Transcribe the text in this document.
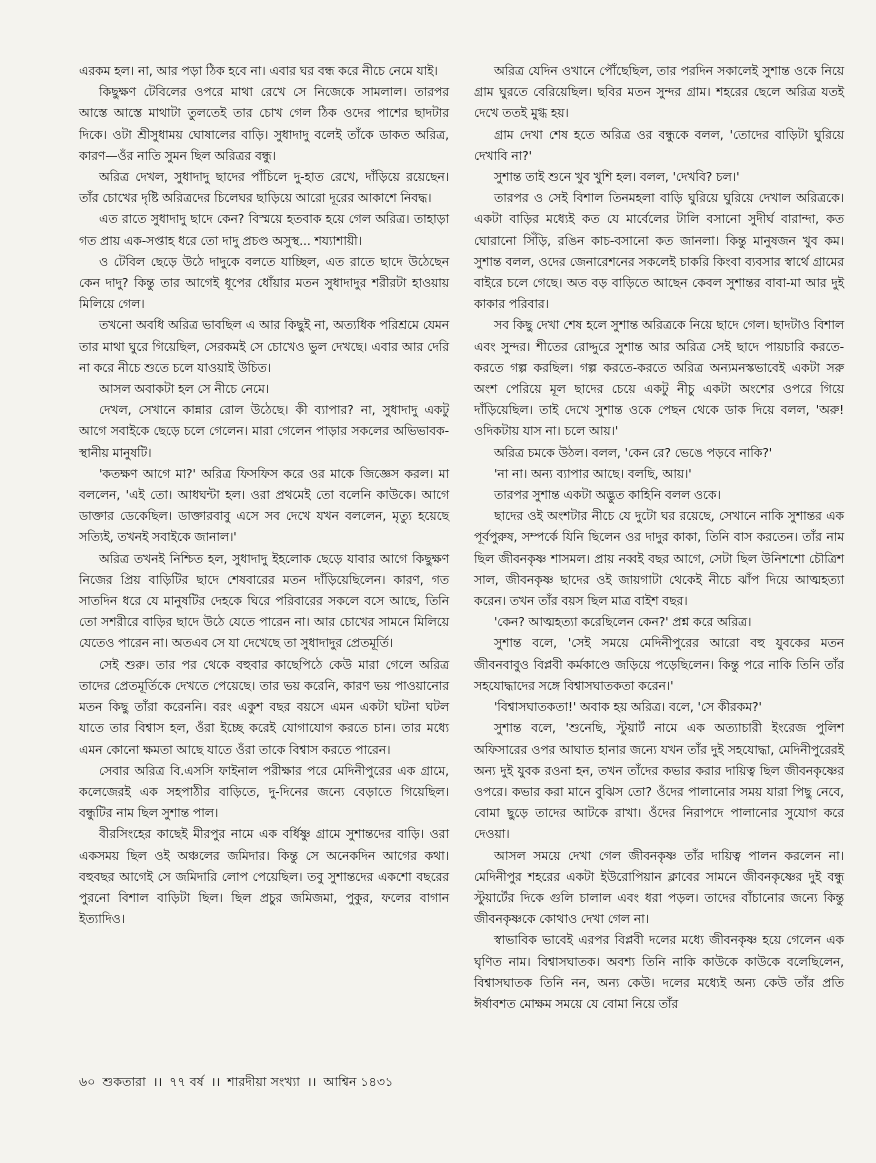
এরকম হল। না, আর পড়া ঠিক হবে না। এবার ঘর বন্ধ করে নীচে নেমে যাই।

কিছুক্ষণ টেবিলের ওপরে মাথা রেখে সে নিজেকে সামলাল। তারপর আস্তে আস্তে মাথাটা তুলতেই তার চোখ গেল ঠিক ওদের পাশের ছাদটার দিকে। ওটা শ্রীসুধাময় ঘোষালের বাড়ি। সুধাদাদু বলেই তাঁকে ডাকত অরিত্র, কারণ—ওঁর নাতি সুমন ছিল অরিত্রর বন্ধু।

অরিত্র দেখল, সুধাদাদু ছাদের পাঁচিলে দু-হাত রেখে, দাঁড়িয়ে রয়েছেন। তাঁর চোখের দৃষ্টি অরিত্রদের চিলেঘর ছাড়িয়ে আরো দূরের আকাশে নিবদ্ধ।

এত রাতে সুধাদাদু ছাদে কেন? বিস্ময়ে হতবাক হয়ে গেল অরিত্র। তাহাড়া গত প্রায় এক-সপ্তাহ ধরে তো দাদু প্রচণ্ড অসুস্থ... শয্যাশায়ী।

ও টেবিল ছেড়ে উঠে দাদুকে বলতে যাচ্ছিল, এত রাতে ছাদে উঠেছেন কেন দাদু? কিন্তু তার আগেই ধূপের ধোঁয়ার মতন সুধাদাদুর শরীরটা হাওয়ায় মিলিয়ে গেল।

তখনো অবধি অরিত্র ভাবছিল এ আর কিছুই না, অত্যধিক পরিশ্রমে যেমন তার মাথা ঘুরে গিয়েছিল, সেরকমই সে চোখেও ভুল দেখছে। এবার আর দেরি না করে নীচে শুতে চলে যাওয়াই উচিত।

আসল অবাকটা হল সে নীচে নেমে।

দেখল, সেখানে কান্নার রোল উঠেছে। কী ব্যাপার? না, সুধাদাদু একটু আগে সবাইকে ছেড়ে চলে গেলেন। মারা গেলেন পাড়ার সকলের অভিভাবক-স্থানীয় মানুষটি।

'কতক্ষণ আগে মা?' অরিত্র ফিসফিস করে ওর মাকে জিজ্ঞেস করল। মা বললেন, 'এই তো। আধঘন্টা হল। ওরা প্রথমেই তো বলেনি কাউকে। আগে ডাক্তার ডেকেছিল। ডাক্তারবাবু এসে সব দেখে যখন বললেন, মৃত্যু হয়েছে সত্যিই, তখনই সবাইকে জানাল।'

অরিত্র তখনই নিশ্চিত হল, সুধাদাদু ইহলোক ছেড়ে যাবার আগে কিছুক্ষণ নিজের প্রিয় বাড়িটির ছাদে শেষবারের মতন দাঁড়িয়েছিলেন। কারণ, গত সাতদিন ধরে যে মানুষটির দেহকে ঘিরে পরিবারের সকলে বসে আছে, তিনি তো সশরীরে বাড়ির ছাদে উঠে যেতে পারেন না। আর চোখের সামনে মিলিয়ে যেতেও পারেন না। অতএব সে যা দেখেছে তা সুধাদাদুর প্রেতমূর্তি।

সেই শুরু। তার পর থেকে বহুবার কাছেপিঠে কেউ মারা গেলে অরিত্র তাদের প্রেতমূর্তিকে দেখতে পেয়েছে। তার ভয় করেনি, কারণ ভয় পাওয়ানোর মতন কিছু তাঁরা করেননি। বরং একুশ বছর বয়সে এমন একটা ঘটনা ঘটল যাতে তার বিশ্বাস হল, ওঁরা ইচ্ছে করেই যোগাযোগ করতে চান। তার মধ্যে এমন কোনো ক্ষমতা আছে যাতে ওঁরা তাকে বিশ্বাস করতে পারেন।

সেবার অরিত্র বি.এসসি ফাইনাল পরীক্ষার পরে মেদিনীপুরের এক গ্রামে, কলেজেরই এক সহপাঠীর বাড়িতে, দু-দিনের জন্যে বেড়াতে গিয়েছিল। বন্ধুটির নাম ছিল সুশান্ত পাল।

বীরসিংহের কাছেই মীরপুর নামে এক বর্ধিষ্ণু গ্রামে সুশান্তদের বাড়ি। ওরা একসময় ছিল ওই অঞ্চলের জমিদার। কিন্তু সে অনেকদিন আগের কথা। বহুবছর আগেই সে জমিদারি লোপ পেয়েছিল। তবু সুশান্তদের একশো বছরের পুরনো বিশাল বাড়িটা ছিল। ছিল প্রচুর জমিজমা, পুকুর, ফলের বাগান ইত্যাদিও।

অরিত্র যেদিন ওখানে পৌঁছেছিল, তার পরদিন সকালেই সুশান্ত ওকে নিয়ে গ্রাম ঘুরতে বেরিয়েছিল। ছবির মতন সুন্দর গ্রাম। শহরের ছেলে অরিত্র যতই দেখে ততই মুগ্ধ হয়।

গ্রাম দেখা শেষ হতে অরিত্র ওর বন্ধুকে বলল, 'তোদের বাড়িটা ঘুরিয়ে দেখাবি না?'

সুশান্ত তাই শুনে খুব খুশি হল। বলল, 'দেখবি? চল।'

তারপর ও সেই বিশাল তিনমহলা বাড়ি ঘুরিয়ে ঘুরিয়ে দেখাল অরিত্রকে। একটা বাড়ির মধ্যেই কত যে মার্বেলের টালি বসানো সুদীর্ঘ বারান্দা, কত ঘোরানো সিঁড়ি, রঙিন কাচ-বসানো কত জানলা। কিন্তু মানুষজন খুব কম। সুশান্ত বলল, ওদের জেনারেশনের সকলেই চাকরি কিংবা ব্যবসার স্বার্থে গ্রামের বাইরে চলে গেছে। অত বড় বাড়িতে আছেন কেবল সুশান্তর বাবা-মা আর দুই কাকার পরিবার।

সব কিছু দেখা শেষ হলে সুশান্ত অরিত্রকে নিয়ে ছাদে গেল। ছাদটাও বিশাল এবং সুন্দর। শীতের রোদ্দুরে সুশান্ত আর অরিত্র সেই ছাদে পায়চারি করতে-করতে গল্প করছিল। গল্প করতে-করতে অরিত্র অন্যমনস্কভাবেই একটা সরু অংশ পেরিয়ে মূল ছাদের চেয়ে একটু নীচু একটা অংশের ওপরে গিয়ে দাঁড়িয়েছিল। তাই দেখে সুশান্ত ওকে পেছন থেকে ডাক দিয়ে বলল, 'অরু! ওদিকটায় যাস না। চলে আয়।'

অরিত্র চমকে উঠল। বলল, 'কেন রে? ভেঙে পড়বে নাকি?'

'না না। অন্য ব্যাপার আছে। বলছি, আয়।'

তারপর সুশান্ত একটা অদ্ভুত কাহিনি বলল ওকে।

ছাদের ওই অংশটার নীচে যে দুটো ঘর রয়েছে, সেখানে নাকি সুশান্তর এক পূর্বপুরুষ, সম্পর্কে যিনি ছিলেন ওর দাদুর কাকা, তিনি বাস করতেন। তাঁর নাম ছিল জীবনকৃষ্ণ শাসমল। প্রায় নব্বই বছর আগে, সেটা ছিল উনিশশো চৌত্রিশ সাল, জীবনকৃষ্ণ ছাদের ওই জায়গাটা থেকেই নীচে ঝাঁপ দিয়ে আত্মহত্যা করেন। তখন তাঁর বয়স ছিল মাত্র বাইশ বছর।

'কেন? আত্মহত্যা করেছিলেন কেন?' প্রশ্ন করে অরিত্র।

সুশান্ত বলে, 'সেই সময়ে মেদিনীপুরের আরো বহু যুবকের মতন জীবনবাবুও বিপ্লবী কর্মকাণ্ডে জড়িয়ে পড়েছিলেন। কিন্তু পরে নাকি তিনি তাঁর সহযোদ্ধাদের সঙ্গে বিশ্বাসঘাতকতা করেন।'

'বিশ্বাসঘাতকতা!' অবাক হয় অরিত্র। বলে, 'সে কীরকম?'

সুশান্ত বলে, 'শুনেছি, স্টুয়ার্ট নামে এক অত্যাচারী ইংরেজ পুলিশ অফিসারের ওপর আঘাত হানার জন্যে যখন তাঁর দুই সহযোদ্ধা, মেদিনীপুরেরই অন্য দুই যুবক রওনা হন, তখন তাঁদের কভার করার দায়িত্ব ছিল জীবনকৃষ্ণের ওপরে। কভার করা মানে বুঝিস তো? ওঁদের পালানোর সময় যারা পিছু নেবে, বোমা ছুড়ে তাদের আটকে রাখা। ওঁদের নিরাপদে পালানোর সুযোগ করে দেওয়া।

আসল সময়ে দেখা গেল জীবনকৃষ্ণ তাঁর দায়িত্ব পালন করলেন না। মেদিনীপুর শহরের একটা ইউরোপিয়ান ক্লাবের সামনে জীবনকৃষ্ণের দুই বন্ধু স্টুয়ার্টের দিকে গুলি চালাল এবং ধরা পড়ল। তাদের বাঁচানোর জন্যে কিন্তু জীবনকৃষ্ণকে কোথাও দেখা গেল না।

স্বাভাবিক ভাবেই এরপর বিপ্লবী দলের মধ্যে জীবনকৃষ্ণ হয়ে গেলেন এক ঘৃণিত নাম। বিশ্বাসঘাতক। অবশ্য তিনি নাকি কাউকে কাউকে বলেছিলেন, বিশ্বাসঘাতক তিনি নন, অন্য কেউ। দলের মধ্যেই অন্য কেউ তাঁর প্রতি ঈর্ষাবশত মোক্ষম সময়ে যে বোমা নিয়ে তাঁর

৬০ শুকতারা ।। ৭৭ বর্ষ ।। শারদীয়া সংখ্যা ।। আশ্বিন ১৪৩১
